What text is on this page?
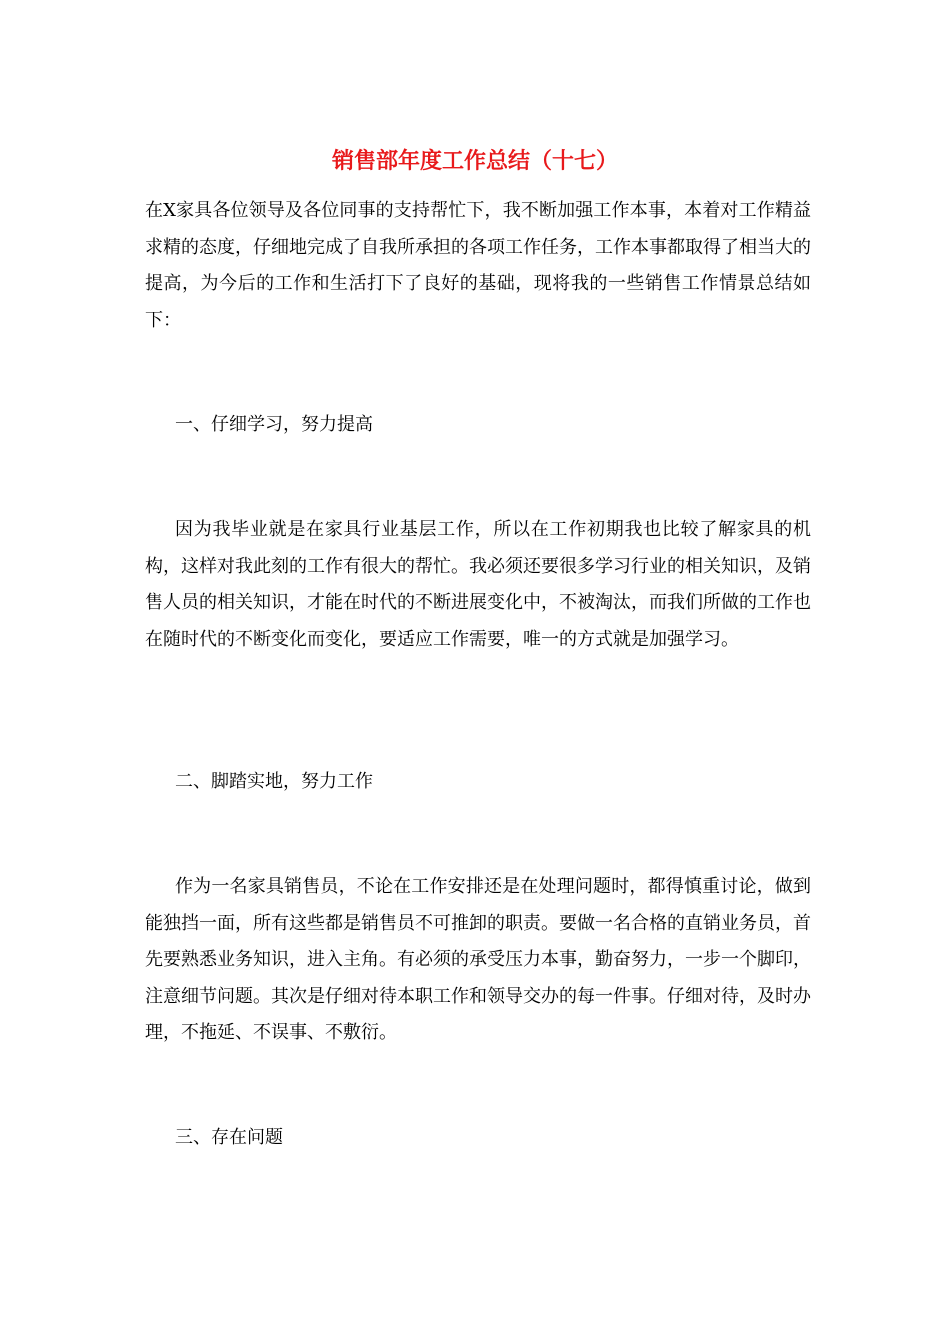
销售部年度工作总结（十七）

在X家具各位领导及各位同事的支持帮忙下，我不断加强工作本事，本着对工作精益求精的态度，仔细地完成了自我所承担的各项工作任务，工作本事都取得了相当大的提高，为今后的工作和生活打下了良好的基础，现将我的一些销售工作情景总结如下：

一、仔细学习，努力提高

因为我毕业就是在家具行业基层工作，所以在工作初期我也比较了解家具的机构，这样对我此刻的工作有很大的帮忙。我必须还要很多学习行业的相关知识，及销售人员的相关知识，才能在时代的不断进展变化中，不被淘汰，而我们所做的工作也在随时代的不断变化而变化，要适应工作需要，唯一的方式就是加强学习。

二、脚踏实地，努力工作

作为一名家具销售员，不论在工作安排还是在处理问题时，都得慎重讨论，做到能独挡一面，所有这些都是销售员不可推卸的职责。要做一名合格的直销业务员，首先要熟悉业务知识，进入主角。有必须的承受压力本事，勤奋努力，一步一个脚印，注意细节问题。其次是仔细对待本职工作和领导交办的每一件事。仔细对待，及时办理，不拖延、不误事、不敷衍。

三、存在问题
